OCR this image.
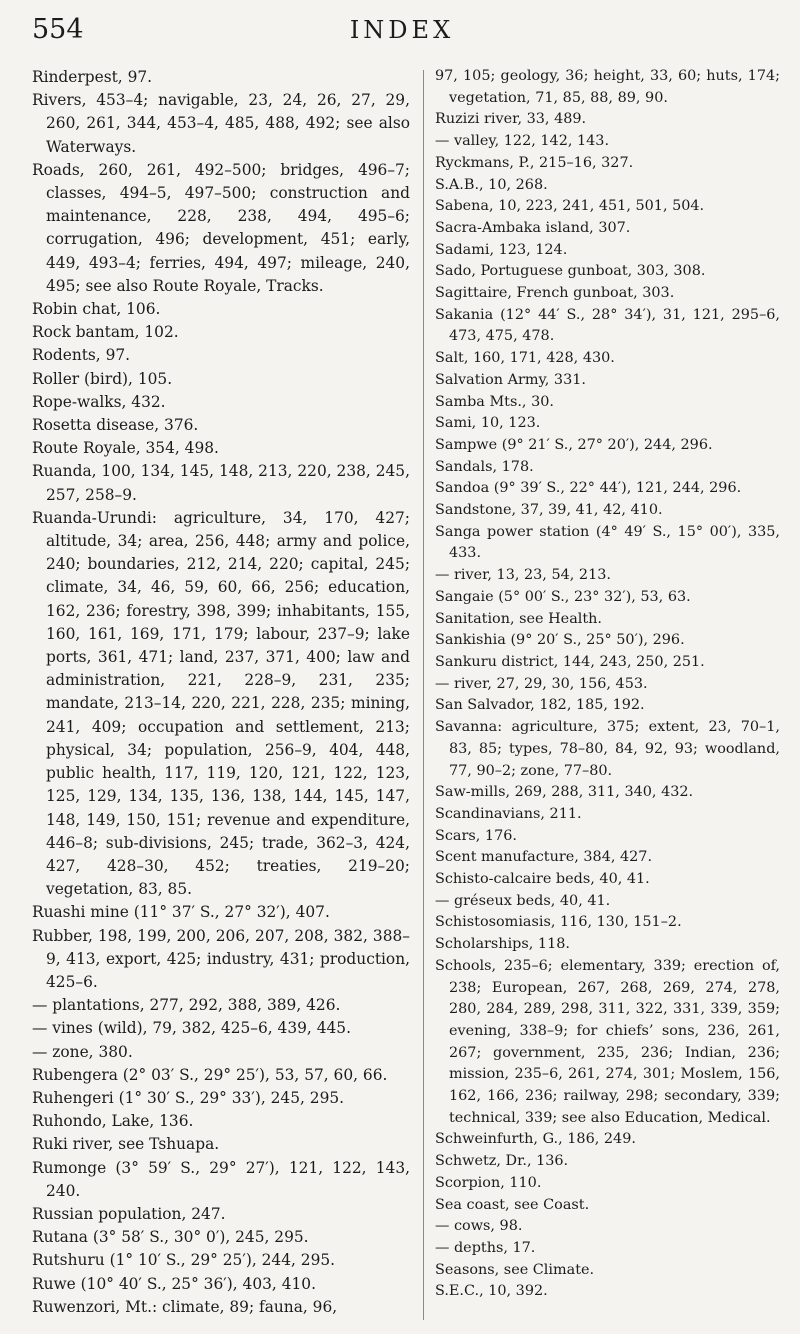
554	INDEX

Rinderpest, 97.

Rivers, 453–4; navigable, 23, 24, 26, 27, 29, 260, 261, 344, 453–4, 485, 488, 492; see also Waterways.

Roads, 260, 261, 492–500; bridges, 496–7; classes, 494–5, 497–500; construction and maintenance, 228, 238, 494, 495–6; corrugation, 496; development, 451; early, 449, 493–4; ferries, 494, 497; mileage, 240, 495; see also Route Royale, Tracks.

Robin chat, 106.

Rock bantam, 102.

Rodents, 97.

Roller (bird), 105.

Rope-walks, 432.

Rosetta disease, 376.

Route Royale, 354, 498.

Ruanda, 100, 134, 145, 148, 213, 220, 238, 245, 257, 258–9.

Ruanda-Urundi: agriculture, 34, 170, 427; altitude, 34; area, 256, 448; army and police, 240; boundaries, 212, 214, 220; capital, 245; climate, 34, 46, 59, 60, 66, 256; education, 162, 236; forestry, 398, 399; inhabitants, 155, 160, 161, 169, 171, 179; labour, 237–9; lake ports, 361, 471; land, 237, 371, 400; law and administration, 221, 228–9, 231, 235; mandate, 213–14, 220, 221, 228, 235; mining, 241, 409; occupation and settlement, 213; physical, 34; population, 256–9, 404, 448, public health, 117, 119, 120, 121, 122, 123, 125, 129, 134, 135, 136, 138, 144, 145, 147, 148, 149, 150, 151; revenue and expenditure, 446–8; sub-divisions, 245; trade, 362–3, 424, 427, 428–30, 452; treaties, 219–20; vegetation, 83, 85.

Ruashi mine (11° 37′ S., 27° 32′), 407.

Rubber, 198, 199, 200, 206, 207, 208, 382, 388–9, 413, export, 425; industry, 431; production, 425–6.

— plantations, 277, 292, 388, 389, 426.

— vines (wild), 79, 382, 425–6, 439, 445.

— zone, 380.

Rubengera (2° 03′ S., 29° 25′), 53, 57, 60, 66.

Ruhengeri (1° 30′ S., 29° 33′), 245, 295.

Ruhondo, Lake, 136.

Ruki river, see Tshuapa.

Rumonge (3° 59′ S., 29° 27′), 121, 122, 143, 240.

Russian population, 247.

Rutana (3° 58′ S., 30° 0′), 245, 295.

Rutshuru (1° 10′ S., 29° 25′), 244, 295.

Ruwe (10° 40′ S., 25° 36′), 403, 410.

Ruwenzori, Mt.: climate, 89; fauna, 96,

97, 105; geology, 36; height, 33, 60; huts, 174; vegetation, 71, 85, 88, 89, 90.

Ruzizi river, 33, 489.

— valley, 122, 142, 143.

Ryckmans, P., 215–16, 327.

S.A.B., 10, 268.

Sabena, 10, 223, 241, 451, 501, 504.

Sacra-Ambaka island, 307.

Sadami, 123, 124.

Sado, Portuguese gunboat, 303, 308.

Sagittaire, French gunboat, 303.

Sakania (12° 44′ S., 28° 34′), 31, 121, 295–6, 473, 475, 478.

Salt, 160, 171, 428, 430.

Salvation Army, 331.

Samba Mts., 30.

Sami, 10, 123.

Sampwe (9° 21′ S., 27° 20′), 244, 296.

Sandals, 178.

Sandoa (9° 39′ S., 22° 44′), 121, 244, 296.

Sandstone, 37, 39, 41, 42, 410.

Sanga power station (4° 49′ S., 15° 00′), 335, 433.

— river, 13, 23, 54, 213.

Sangaie (5° 00′ S., 23° 32′), 53, 63.

Sanitation, see Health.

Sankishia (9° 20′ S., 25° 50′), 296.

Sankuru district, 144, 243, 250, 251.

— river, 27, 29, 30, 156, 453.

San Salvador, 182, 185, 192.

Savanna: agriculture, 375; extent, 23, 70–1, 83, 85; types, 78–80, 84, 92, 93; woodland, 77, 90–2; zone, 77–80.

Saw-mills, 269, 288, 311, 340, 432.

Scandinavians, 211.

Scars, 176.

Scent manufacture, 384, 427.

Schisto-calcaire beds, 40, 41.

— gréseux beds, 40, 41.

Schistosomiasis, 116, 130, 151–2.

Scholarships, 118.

Schools, 235–6; elementary, 339; erection of, 238; European, 267, 268, 269, 274, 278, 280, 284, 289, 298, 311, 322, 331, 339, 359; evening, 338–9; for chiefs’ sons, 236, 261, 267; government, 235, 236; Indian, 236; mission, 235–6, 261, 274, 301; Moslem, 156, 162, 166, 236; railway, 298; secondary, 339; technical, 339; see also Education, Medical.

Schweinfurth, G., 186, 249.

Schwetz, Dr., 136.

Scorpion, 110.

Sea coast, see Coast.

— cows, 98.

— depths, 17.

Seasons, see Climate.

S.E.C., 10, 392.
